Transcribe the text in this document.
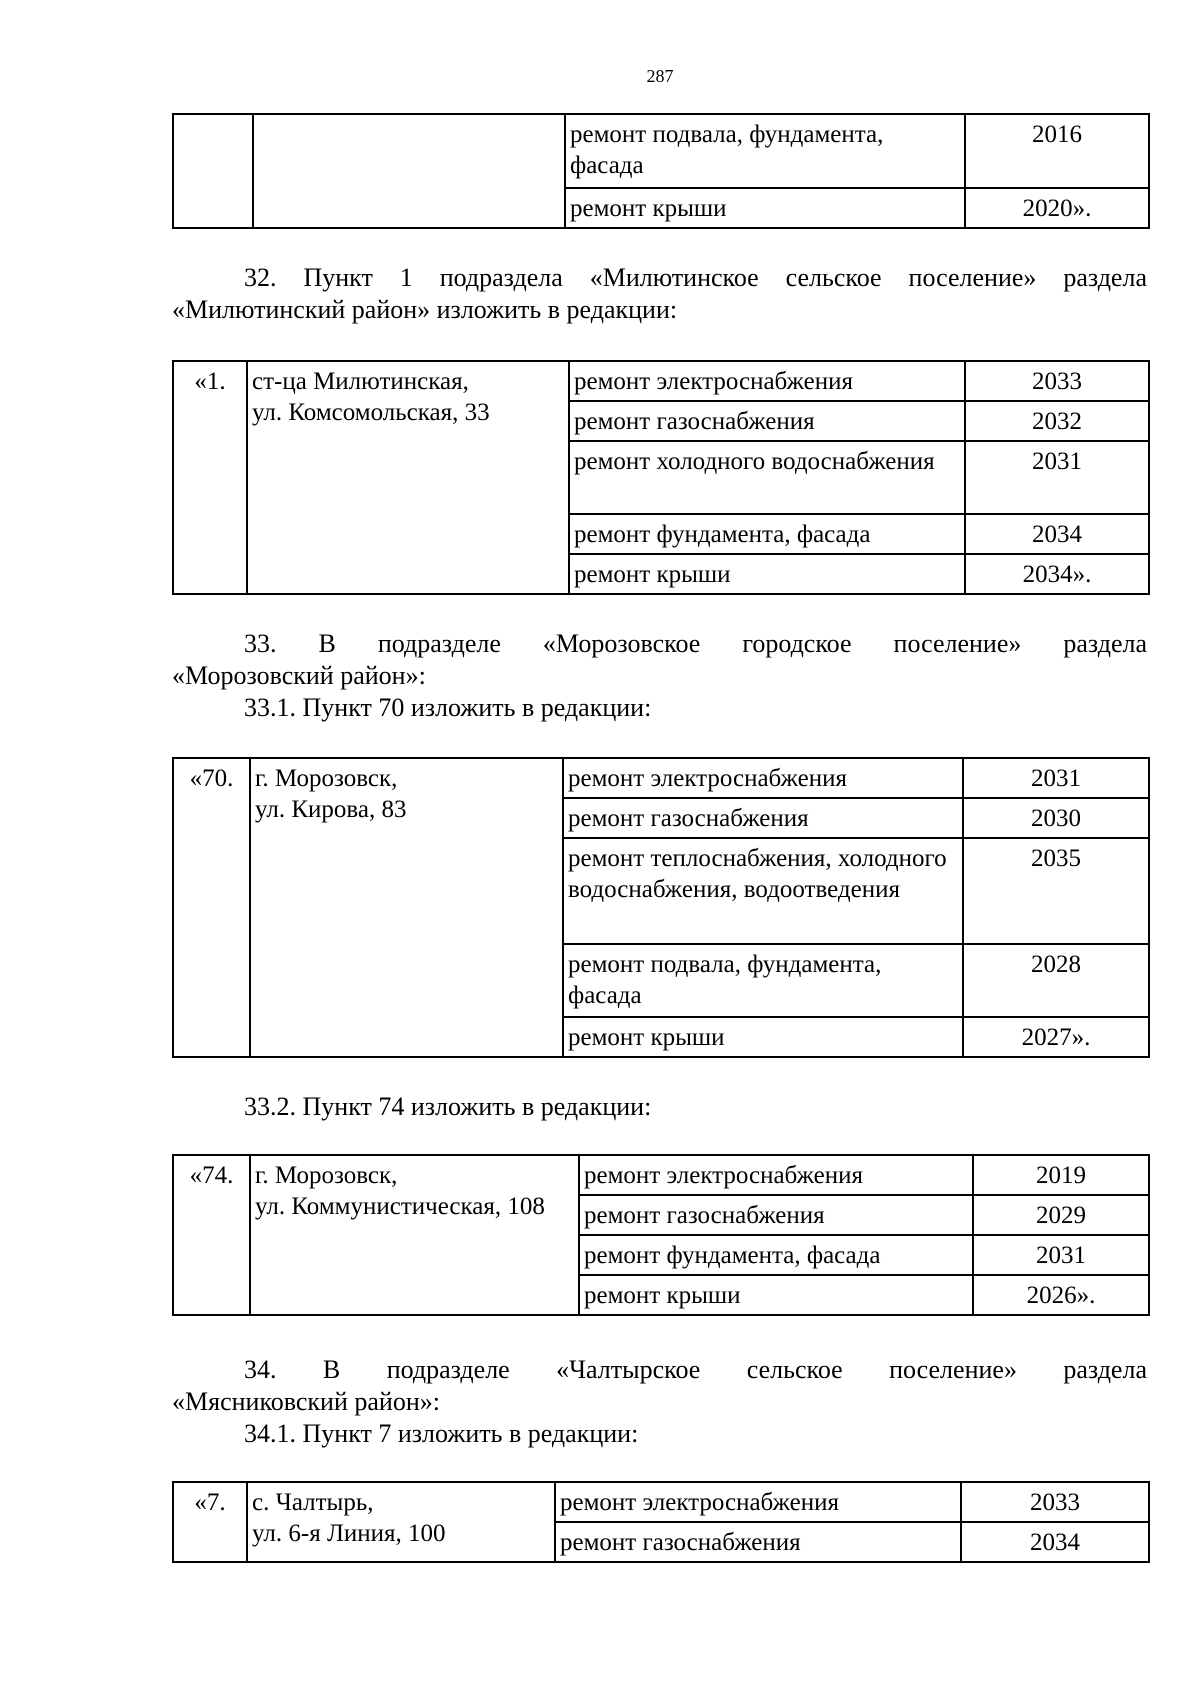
287
		ремонт подвала, фундамента, фасада	2016
		ремонт крыши	2020».
32. Пункт 1 подраздела «Милютинское сельское поселение» раздела
«Милютинский район» изложить в редакции:
«1.	ст-ца Милютинская,
ул. Комсомольская, 33	ремонт электроснабжения	2033
		ремонт газоснабжения	2032
		ремонт холодного водоснабжения	2031
		ремонт фундамента, фасада	2034
		ремонт крыши	2034».
33. В подразделе «Морозовское городское поселение» раздела
«Морозовский район»:
33.1. Пункт 70 изложить в редакции:
«70.	г. Морозовск,
ул. Кирова, 83	ремонт электроснабжения	2031
		ремонт газоснабжения	2030
		ремонт теплоснабжения, холодного водоснабжения, водоотведения	2035
		ремонт подвала, фундамента, фасада	2028
		ремонт крыши	2027».
33.2. Пункт 74 изложить в редакции:
«74.	г. Морозовск,
ул. Коммунистическая, 108	ремонт электроснабжения	2019
		ремонт газоснабжения	2029
		ремонт фундамента, фасада	2031
		ремонт крыши	2026».
34. В подразделе «Чалтырское сельское поселение» раздела
«Мясниковский район»:
34.1. Пункт 7 изложить в редакции:
«7.	с. Чалтырь,
ул. 6-я Линия, 100	ремонт электроснабжения	2033
		ремонт газоснабжения	2034
